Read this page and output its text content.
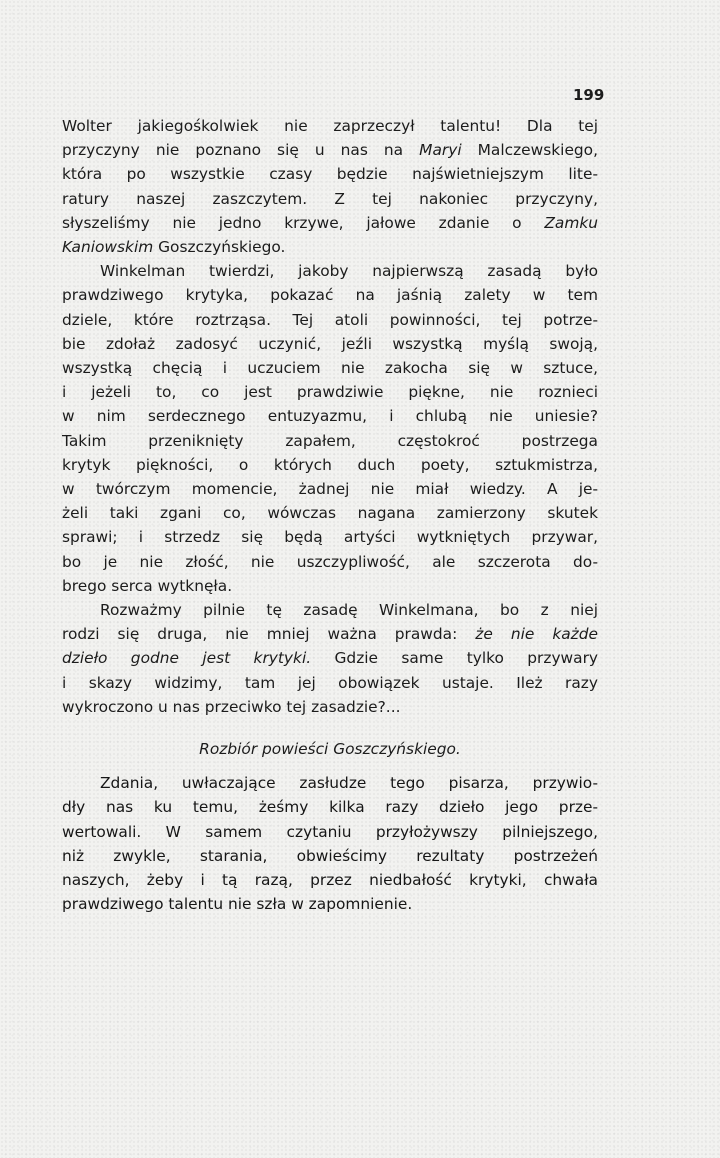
199
Wolter jakiegośkolwiek nie zaprzeczył talentu! Dla tej
przyczyny nie poznano się u nas na Maryi Malczewskiego,
która po wszystkie czasy będzie najświetniejszym lite-
ratury naszej zaszczytem. Z tej nakoniec przyczyny,
słyszeliśmy nie jedno krzywe, jałowe zdanie o Zamku
Kaniowskim Goszczyńskiego.
Winkelman twierdzi, jakoby najpierwszą zasadą było
prawdziwego krytyka, pokazać na jaśnią zalety w tem
dziele, które roztrząsa. Tej atoli powinności, tej potrze-
bie zdołaż zadosyć uczynić, jeźli wszystką myślą swoją,
wszystką chęcią i uczuciem nie zakocha się w sztuce,
i jeżeli to, co jest prawdziwie piękne, nie roznieci
w nim serdecznego entuzyazmu, i chlubą nie uniesie?
Takim przeniknięty zapałem, częstokroć postrzega
krytyk piękności, o których duch poety, sztukmistrza,
w twórczym momencie, żadnej nie miał wiedzy. A je-
żeli taki zgani co, wówczas nagana zamierzony skutek
sprawi; i strzedz się będą artyści wytkniętych przywar,
bo je nie złość, nie uszczypliwość, ale szczerota do-
brego serca wytknęła.
Rozważmy pilnie tę zasadę Winkelmana, bo z niej
rodzi się druga, nie mniej ważna prawda: że nie każde
dzieło godne jest krytyki. Gdzie same tylko przywary
i skazy widzimy, tam jej obowiązek ustaje. Ileż razy
wykroczono u nas przeciwko tej zasadzie?...
Rozbiór powieści Goszczyńskiego.
Zdania, uwłaczające zasłudze tego pisarza, przywio-
dły nas ku temu, żeśmy kilka razy dzieło jego prze-
wertowali. W samem czytaniu przyłożywszy pilniejszego,
niż zwykle, starania, obwieścimy rezultaty postrzeżeń
naszych, żeby i tą razą, przez niedbałość krytyki, chwała
prawdziwego talentu nie szła w zapomnienie.
